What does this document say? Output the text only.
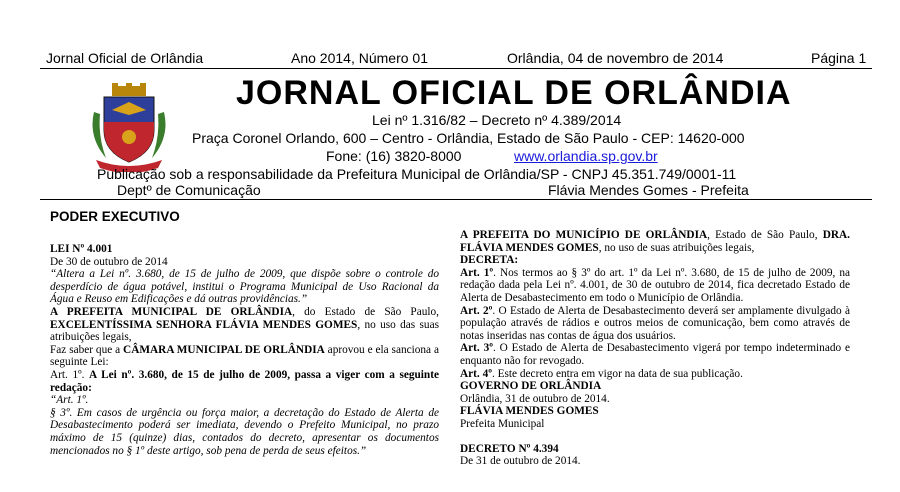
Jornal Oficial de Orlândia	Ano 2014, Número 01	Orlândia, 04 de novembro de 2014	Página 1
JORNAL OFICIAL DE ORLÂNDIA
Lei nº 1.316/82 – Decreto nº 4.389/2014
Praça Coronel Orlando, 600 – Centro - Orlândia, Estado de São Paulo - CEP: 14620-000
Fone: (16) 3820-8000	www.orlandia.sp.gov.br
Publicação sob a responsabilidade da Prefeitura Municipal de Orlândia/SP - CNPJ 45.351.749/0001-11
Deptº de Comunicação	Flávia Mendes Gomes - Prefeita
PODER EXECUTIVO

LEI Nº 4.001

De 30 de outubro de 2014

“Altera a Lei nº. 3.680, de 15 de julho de 2009, que dispõe sobre o controle do desperdício de água potável, institui o Programa Municipal de Uso Racional da Água e Reuso em Edificações e dá outras providências.”

A PREFEITA MUNICIPAL DE ORLÂNDIA, do Estado de São Paulo, EXCELENTÍSSIMA SENHORA FLÁVIA MENDES GOMES, no uso das suas atribuições legais,

Faz saber que a CÂMARA MUNICIPAL DE ORLÂNDIA aprovou e ela sanciona a seguinte Lei:

Art. 1º. A Lei nº. 3.680, de 15 de julho de 2009, passa a viger com a seguinte redação:

“Art. 1º.

§ 3º. Em casos de urgência ou força maior, a decretação do Estado de Alerta de Desabastecimento poderá ser imediata, devendo o Prefeito Municipal, no prazo máximo de 15 (quinze) dias, contados do decreto, apresentar os documentos mencionados no § 1º deste artigo, sob pena de perda de seus efeitos.”

A PREFEITA DO MUNICÍPIO DE ORLÂNDIA, Estado de São Paulo, DRA. FLÁVIA MENDES GOMES, no uso de suas atribuições legais,

DECRETA:

Art. 1º. Nos termos ao § 3º do art. 1º da Lei nº. 3.680, de 15 de julho de 2009, na redação dada pela Lei nº. 4.001, de 30 de outubro de 2014, fica decretado Estado de Alerta de Desabastecimento em todo o Município de Orlândia.

Art. 2º. O Estado de Alerta de Desabastecimento deverá ser amplamente divulgado à população através de rádios e outros meios de comunicação, bem como através de notas inseridas nas contas de água dos usuários.

Art. 3º. O Estado de Alerta de Desabastecimento vigerá por tempo indeterminado e enquanto não for revogado.

Art. 4º. Este decreto entra em vigor na data de sua publicação.

GOVERNO DE ORLÂNDIA

Orlândia, 31 de outubro de 2014.

FLÁVIA MENDES GOMES

Prefeita Municipal

DECRETO Nº 4.394

De 31 de outubro de 2014.
